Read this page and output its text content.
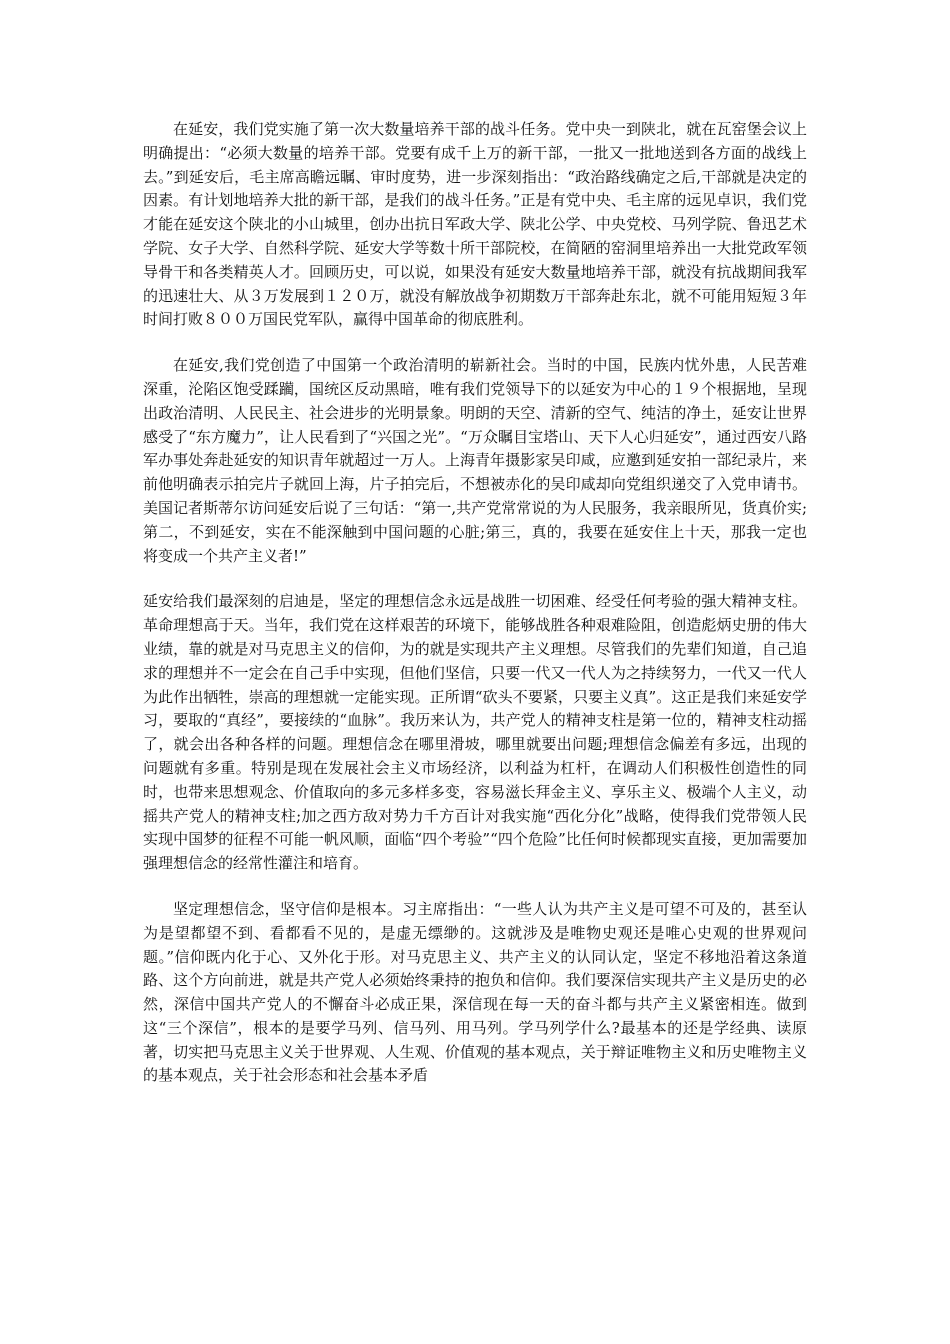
在延安，我们党实施了第一次大数量培养干部的战斗任务。党中央一到陕北，就在瓦窑堡会议上明确提出：“必须大数量的培养干部。党要有成千上万的新干部，一批又一批地送到各方面的战线上去。”到延安后，毛主席高瞻远瞩、审时度势，进一步深刻指出：“政治路线确定之后,干部就是决定的因素。有计划地培养大批的新干部，是我们的战斗任务。”正是有党中央、毛主席的远见卓识，我们党才能在延安这个陕北的小山城里，创办出抗日军政大学、陕北公学、中央党校、马列学院、鲁迅艺术学院、女子大学、自然科学院、延安大学等数十所干部院校，在简陋的窑洞里培养出一大批党政军领导骨干和各类精英人才。回顾历史，可以说，如果没有延安大数量地培养干部，就没有抗战期间我军的迅速壮大、从３万发展到１２０万，就没有解放战争初期数万干部奔赴东北，就不可能用短短３年时间打败８００万国民党军队，赢得中国革命的彻底胜利。

在延安,我们党创造了中国第一个政治清明的崭新社会。当时的中国，民族内忧外患，人民苦难深重，沦陷区饱受蹂躏，国统区反动黑暗，唯有我们党领导下的以延安为中心的１９个根据地，呈现出政治清明、人民民主、社会进步的光明景象。明朗的天空、清新的空气、纯洁的净土，延安让世界感受了“东方魔力”，让人民看到了“兴国之光”。“万众瞩目宝塔山、天下人心归延安”，通过西安八路军办事处奔赴延安的知识青年就超过一万人。上海青年摄影家吴印咸，应邀到延安拍一部纪录片，来前他明确表示拍完片子就回上海，片子拍完后，不想被赤化的吴印咸却向党组织递交了入党申请书。美国记者斯蒂尔访问延安后说了三句话：“第一,共产党常常说的为人民服务，我亲眼所见，货真价实;第二，不到延安，实在不能深触到中国问题的心脏;第三，真的，我要在延安住上十天，那我一定也将变成一个共产主义者!”

延安给我们最深刻的启迪是，坚定的理想信念永远是战胜一切困难、经受任何考验的强大精神支柱。革命理想高于天。当年，我们党在这样艰苦的环境下，能够战胜各种艰难险阻，创造彪炳史册的伟大业绩，靠的就是对马克思主义的信仰，为的就是实现共产主义理想。尽管我们的先辈们知道，自己追求的理想并不一定会在自己手中实现，但他们坚信，只要一代又一代人为之持续努力，一代又一代人为此作出牺牲，崇高的理想就一定能实现。正所谓“砍头不要紧，只要主义真”。这正是我们来延安学习，要取的“真经”，要接续的“血脉”。我历来认为，共产党人的精神支柱是第一位的，精神支柱动摇了，就会出各种各样的问题。理想信念在哪里滑坡，哪里就要出问题;理想信念偏差有多远，出现的问题就有多重。特别是现在发展社会主义市场经济，以利益为杠杆，在调动人们积极性创造性的同时，也带来思想观念、价值取向的多元多样多变，容易滋长拜金主义、享乐主义、极端个人主义，动摇共产党人的精神支柱;加之西方敌对势力千方百计对我实施“西化分化”战略，使得我们党带领人民实现中国梦的征程不可能一帆风顺，面临“四个考验”“四个危险”比任何时候都现实直接，更加需要加强理想信念的经常性灌注和培育。

坚定理想信念，坚守信仰是根本。习主席指出：“一些人认为共产主义是可望不可及的，甚至认为是望都望不到、看都看不见的，是虚无缥缈的。这就涉及是唯物史观还是唯心史观的世界观问题。”信仰既内化于心、又外化于形。对马克思主义、共产主义的认同认定，坚定不移地沿着这条道路、这个方向前进，就是共产党人必须始终秉持的抱负和信仰。我们要深信实现共产主义是历史的必然，深信中国共产党人的不懈奋斗必成正果，深信现在每一天的奋斗都与共产主义紧密相连。做到这“三个深信”，根本的是要学马列、信马列、用马列。学马列学什么?最基本的还是学经典、读原著，切实把马克思主义关于世界观、人生观、价值观的基本观点，关于辩证唯物主义和历史唯物主义的基本观点，关于社会形态和社会基本矛盾
